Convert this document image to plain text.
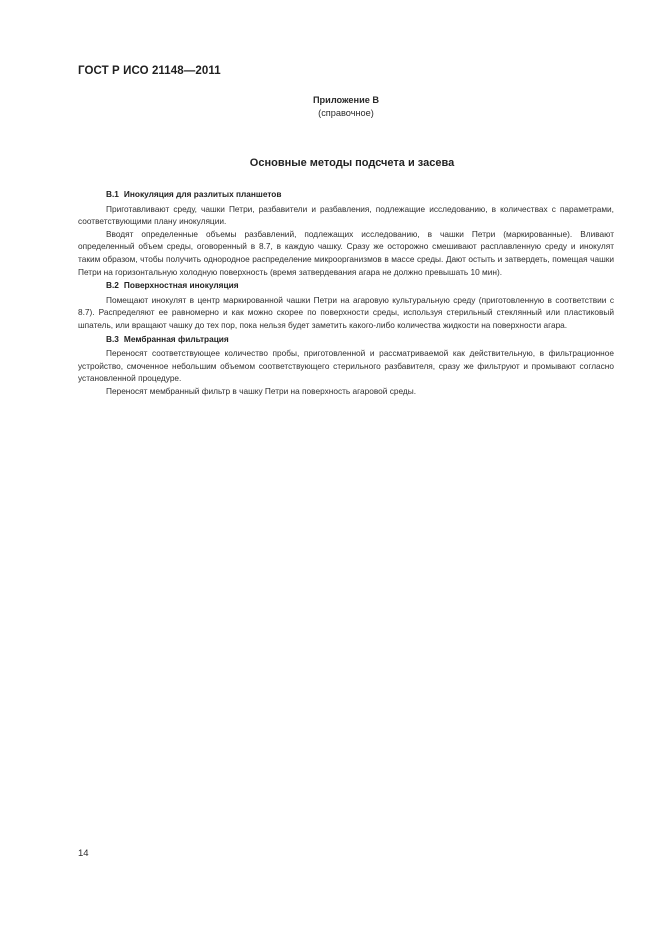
ГОСТ Р ИСО 21148—2011
Приложение В
(справочное)
Основные методы подсчета и засева
В.1 Инокуляция для разлитых планшетов

Приготавливают среду, чашки Петри, разбавители и разбавления, подлежащие исследованию, в количествах с параметрами, соответствующими плану инокуляции.

Вводят определенные объемы разбавлений, подлежащих исследованию, в чашки Петри (маркированные). Вливают определенный объем среды, оговоренный в 8.7, в каждую чашку. Сразу же осторожно смешивают расплавленную среду и инокулят таким образом, чтобы получить однородное распределение микроорганизмов в массе среды. Дают остыть и затвердеть, помещая чашки Петри на горизонтальную холодную поверхность (время затвердевания агара не должно превышать 10 мин).

В.2 Поверхностная инокуляция

Помещают инокулят в центр маркированной чашки Петри на агаровую культуральную среду (приготовленную в соответствии с 8.7). Распределяют ее равномерно и как можно скорее по поверхности среды, используя стерильный стеклянный или пластиковый шпатель, или вращают чашку до тех пор, пока нельзя будет заметить какого-либо количества жидкости на поверхности агара.

В.3 Мембранная фильтрация

Переносят соответствующее количество пробы, приготовленной и рассматриваемой как действительную, в фильтрационное устройство, смоченное небольшим объемом соответствующего стерильного разбавителя, сразу же фильтруют и промывают согласно установленной процедуре.

Переносят мембранный фильтр в чашку Петри на поверхность агаровой среды.

14
